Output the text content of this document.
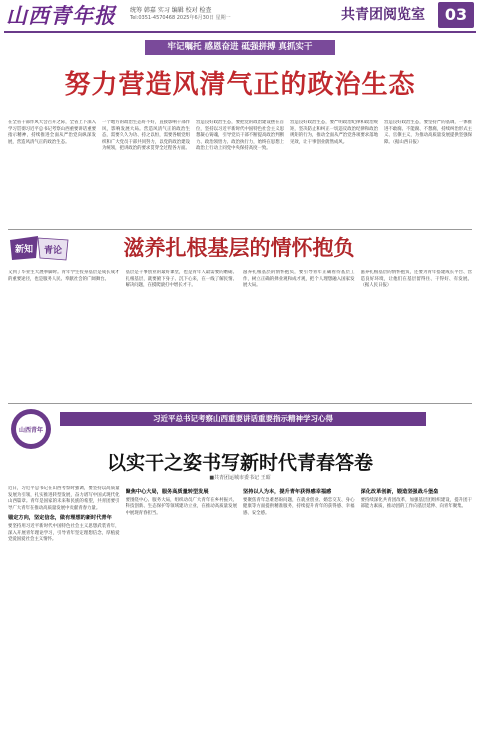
山西青年报	统筹 韩嘉 实习 编辑 校对 检查
Tel:0351-4570468 2025年6月30日 星期一	共青团阅览室	03
牢记嘱托 感恩奋进 砥强拼搏 真抓实干
努力营造风清气正的政治生态
在全省干部作风大会召开之际，全省上下深入学习贯彻习近平总书记考察山西重要讲话重要指示精神，持续推进全面从严治党向纵深发展，营造风清气正的政治生态。
一个地方的政治生态好不好，直接影响干部作风，影响发展大局。营造风清气正的政治生态，需要久久为功、持之以恒，需要各级党组织和广大党员干部共同努力，以党的政治建设为统领，把讲政治的要求贯穿全过程各方面。
营造良好政治生态，要把党的政治建设摆在首位，坚持以习近平新时代中国特色社会主义思想凝心铸魂，引导党员干部不断提高政治判断力、政治领悟力、政治执行力，始终在思想上政治上行动上同党中央保持高度一致。
营造良好政治生态，要严明政治纪律和政治规矩，坚决防止和纠正一切违反政治纪律和政治规矩的行为，推动全面从严治党各项要求落地见效，让干事创业蔚然成风。
营造良好政治生态，要坚持严的基调，一体推进不敢腐、不能腐、不想腐，持续纠治形式主义、官僚主义，为推动高质量发展提供坚强保障。（据山西日报）
新知 青论	滋养扎根基层的情怀抱负
又到了毕业生大展拳脚时。青年学生投身基层是成长成才的重要途径，也是服务人民、奉献社会的广阔舞台。
基层是干事创业的最好课堂，也是青年人最需要的磨砺。扎根基层，就要俯下身子、沉下心来，在一线了解民情、解决问题，在摸爬滚打中增长才干。
滋养扎根基层的情怀抱负，要引导青年正确看待基层工作，树立正确的择业观和成才观，把个人理想融入国家发展大局。
滋养扎根基层的情怀抱负，还要为青年搭建成长平台、营造良好环境，让他们在基层留得住、干得好、有发展。（据人民日报）
山西青年
习近平总书记考察山西重要讲话重要指示精神学习心得
以实干之姿书写新时代青春答卷
■共青团运城市委书记 王昭
近日，习近平总书记在山西考察时强调，要坚持以高质量发展为引领，扎实推进转型发展，奋力谱写中国式现代化山西篇章。青年是国家的未来和民族的希望，共青团要引导广大青年在推动高质量发展中贡献青春力量。
锚定方向，坚定信念，做有理想的新时代青年
要坚持用习近平新时代中国特色社会主义思想武装青年，深入开展青年理论学习，引导青年坚定理想信念，厚植爱党爱国爱社会主义情怀。
聚焦中心大局，服务高质量转型发展
要围绕中心、服务大局，组织动员广大青年在乡村振兴、科技创新、生态保护等领域建功立业，在推动高质量发展中展现青春担当。
坚持以人为本，提升青年获得感幸福感
要聚焦青年急难愁盼问题，在就业创业、婚恋交友、身心健康等方面提供精准服务，持续提升青年的获得感、幸福感、安全感。
深化改革创新，锻造坚强战斗堡垒
要持续深化共青团改革，加强基层团组织建设，提升团干部能力素质，推动团的工作向基层延伸、向青年聚集。
